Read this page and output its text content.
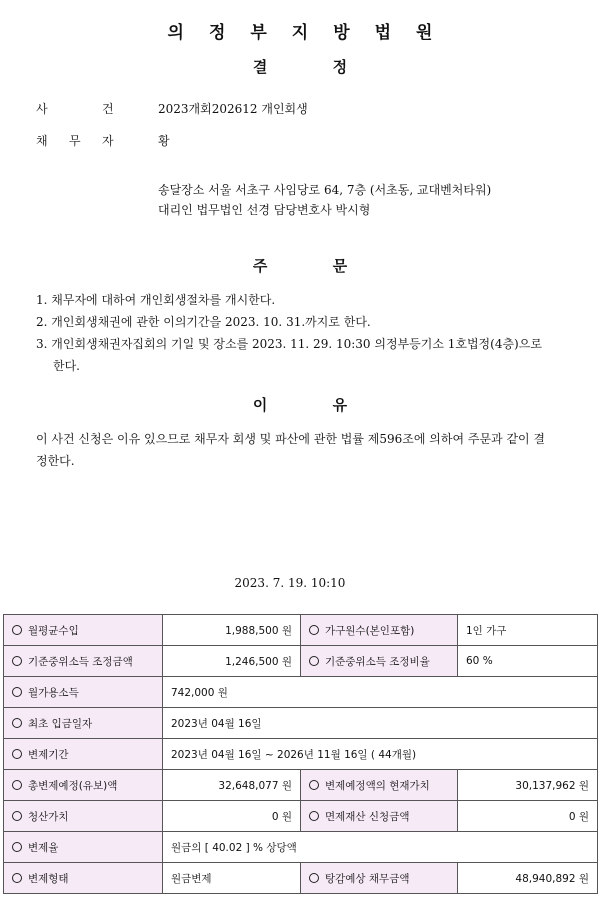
의정부지방법원
결 정
사	건	2023개회202612 개인회생
채 무 자	황
송달장소 서울 서초구 사임당로 64, 7층 (서초동, 교대벤처타워)
대리인 법무법인 선경 담당변호사 박시형
주 문
1. 채무자에 대하여 개인회생절차를 개시한다.
2. 개인회생채권에 관한 이의기간을 2023. 10. 31.까지로 한다.
3. 개인회생채권자집회의 기일 및 장소를 2023. 11. 29. 10:30 의정부등기소 1호법정(4층)으로 한다.
이 유
이 사건 신청은 이유 있으므로 채무자 회생 및 파산에 관한 법률 제596조에 의하여 주문과 같이 결정한다.
2023. 7. 19. 10:10
월평균수입	1,988,500 원	가구원수(본인포함)	1인 가구
기준중위소득 조정금액	1,246,500 원	기준중위소득 조정비율	60 %
월가용소득	742,000 원		
최초 입금일자	2023년 04월 16일		
변제기간	2023년 04월 16일 ~ 2026년 11월 16일 ( 44개월)		
총변제예정(유보)액	32,648,077 원	변제예정액의 현재가치	30,137,962 원
청산가치	0 원	면제재산 신청금액	0 원
변제율	원금의 [ 40.02 ] % 상당액		
변제형태	원금변제	탕감예상 채무금액	48,940,892 원
